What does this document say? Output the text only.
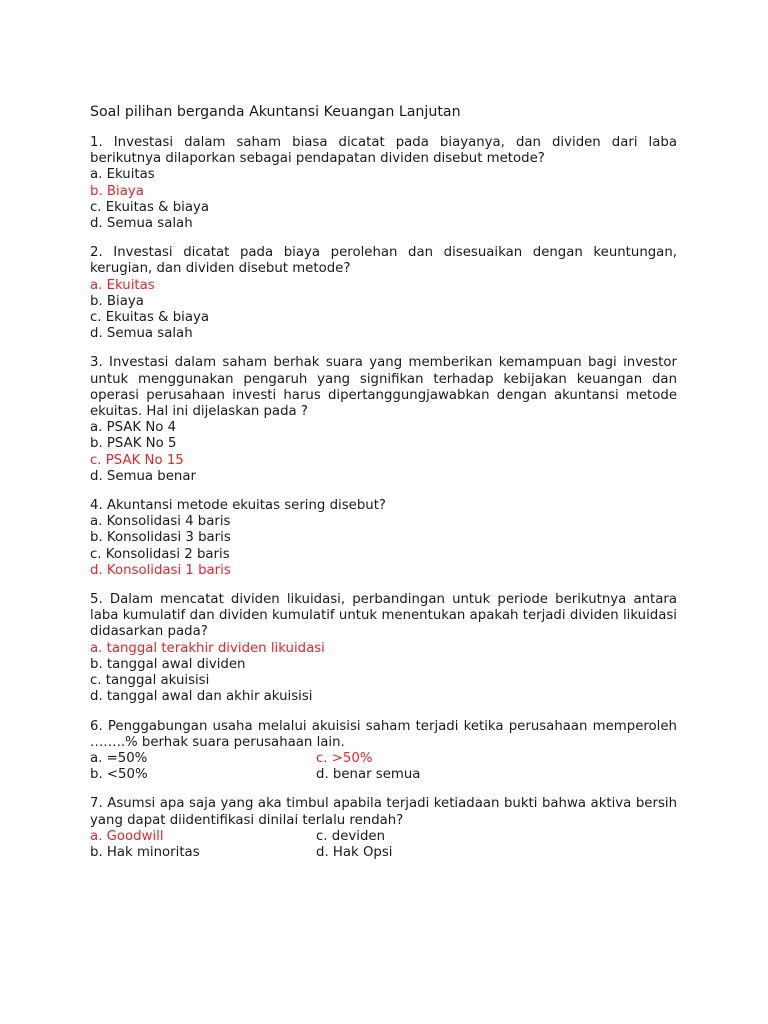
Soal pilihan berganda Akuntansi Keuangan Lanjutan

1. Investasi dalam saham biasa dicatat pada biayanya, dan dividen dari laba berikutnya dilaporkan sebagai pendapatan dividen disebut metode?

a. Ekuitas
b. Biaya
c. Ekuitas & biaya
d. Semua salah

2. Investasi dicatat pada biaya perolehan dan disesuaikan dengan keuntungan, kerugian, dan dividen disebut metode?

a. Ekuitas
b. Biaya
c. Ekuitas & biaya
d. Semua salah

3. Investasi dalam saham berhak suara yang memberikan kemampuan bagi investor untuk menggunakan pengaruh yang signifikan terhadap kebijakan keuangan dan operasi perusahaan investi harus dipertanggungjawabkan dengan akuntansi metode ekuitas. Hal ini dijelaskan pada ?

a. PSAK No 4
b. PSAK No 5
c. PSAK No 15
d. Semua benar

4. Akuntansi metode ekuitas sering disebut?

a. Konsolidasi 4 baris
b. Konsolidasi 3 baris
c. Konsolidasi 2 baris
d. Konsolidasi 1 baris

5. Dalam mencatat dividen likuidasi, perbandingan untuk periode berikutnya antara laba kumulatif dan dividen kumulatif untuk menentukan apakah terjadi dividen likuidasi didasarkan pada?

a. tanggal terakhir dividen likuidasi
b. tanggal awal dividen
c. tanggal akuisisi
d. tanggal awal dan akhir akuisisi

6. Penggabungan usaha melalui akuisisi saham terjadi ketika perusahaan memperoleh ……..% berhak suara perusahaan lain.

a. =50%	c. >50%
b. <50%	d. benar semua

7. Asumsi apa saja yang aka timbul apabila terjadi ketiadaan bukti bahwa aktiva bersih yang dapat diidentifikasi dinilai terlalu rendah?

a. Goodwill	c. deviden
b. Hak minoritas	d. Hak Opsi
